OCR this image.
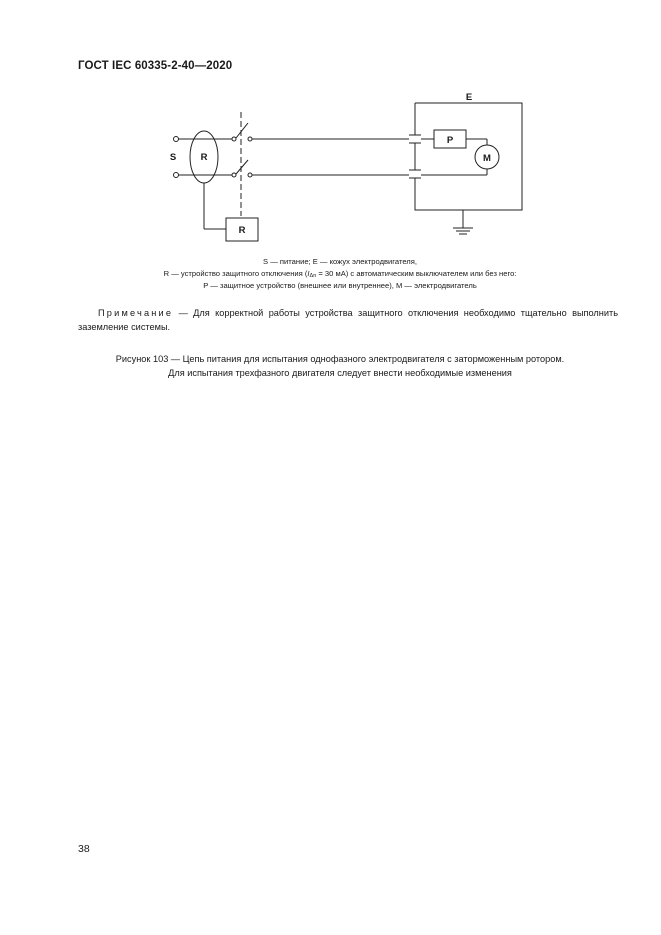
ГОСТ IEC 60335-2-40—2020
E
P
M
S	R
R
S — питание; E — кожух электродвигателя,
R — устройство защитного отключения (IΔn = 30 мА) с автоматическим выключателем или без него:
P — защитное устройство (внешнее или внутреннее), M — электродвигатель
Примечание — Для корректной работы устройства защитного отключения необходимо тщательно выполнить заземление системы.
Рисунок 103 — Цепь питания для испытания однофазного электродвигателя с заторможенным ротором.
Для испытания трехфазного двигателя следует внести необходимые изменения
38
